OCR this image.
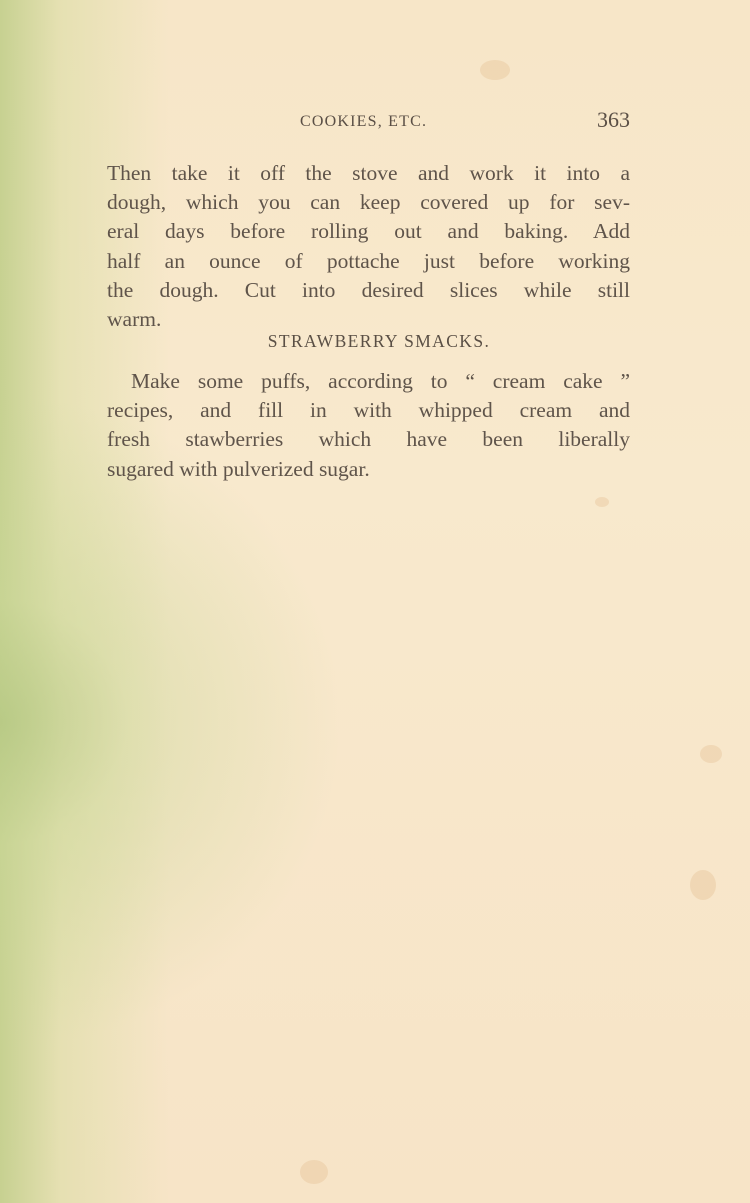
COOKIES, ETC.	363
Then take it off the stove and work it into a
dough, which you can keep covered up for sev-
eral days before rolling out and baking. Add
half an ounce of pottache just before working
the dough. Cut into desired slices while still
warm.
STRAWBERRY SMACKS.
Make some puffs, according to “ cream cake ”
recipes, and fill in with whipped cream and
fresh stawberries which have been liberally
sugared with pulverized sugar.
